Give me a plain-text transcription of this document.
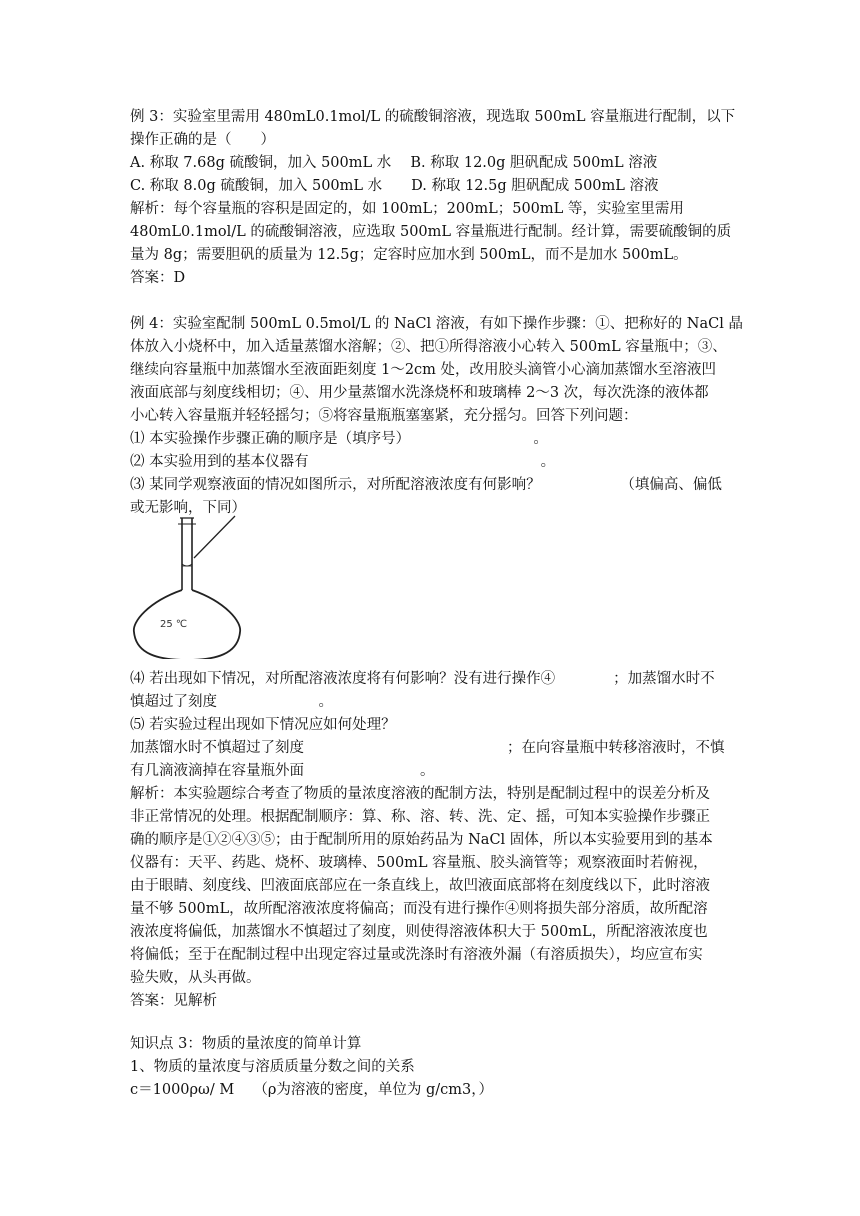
例 3：实验室里需用 480mL0.1mol/L 的硫酸铜溶液，现选取 500mL 容量瓶进行配制，以下
操作正确的是（　　）
A. 称取 7.68g 硫酸铜，加入 500mL 水　 B. 称取 12.0g 胆矾配成 500mL 溶液
C. 称取 8.0g 硫酸铜，加入 500mL 水　　D. 称取 12.5g 胆矾配成 500mL 溶液
解析：每个容量瓶的容积是固定的，如 100mL；200mL；500mL 等，实验室里需用
480mL0.1mol/L 的硫酸铜溶液，应选取 500mL 容量瓶进行配制。经计算，需要硫酸铜的质
量为 8g；需要胆矾的质量为 12.5g；定容时应加水到 500mL，而不是加水 500mL。
答案：D
例 4：实验室配制 500mL 0.5mol/L 的 NaCl 溶液，有如下操作步骤：①、把称好的 NaCl 晶
体放入小烧杯中，加入适量蒸馏水溶解；②、把①所得溶液小心转入 500mL 容量瓶中；③、
继续向容量瓶中加蒸馏水至液面距刻度 1～2cm 处，改用胶头滴管小心滴加蒸馏水至溶液凹
液面底部与刻度线相切；④、用少量蒸馏水洗涤烧杯和玻璃棒 2～3 次，每次洗涤的液体都
小心转入容量瓶并轻轻摇匀；⑤将容量瓶瓶塞塞紧，充分摇匀。回答下列问题：
⑴ 本实验操作步骤正确的顺序是（填序号）　　　　　　　　　。
⑵ 本实验用到的基本仪器有　　　　　　　　　　　　　　　　。
⑶ 某同学观察液面的情况如图所示，对所配溶液浓度有何影响？　　　　　　（填偏高、偏低
或无影响，下同）
25 ℃
⑷ 若出现如下情况，对所配溶液浓度将有何影响？没有进行操作④　　　　；加蒸馏水时不
慎超过了刻度　　　　　　　。
⑸ 若实验过程出现如下情况应如何处理？
加蒸馏水时不慎超过了刻度　　　　　　　　　　　　　　；在向容量瓶中转移溶液时，不慎
有几滴液滴掉在容量瓶外面　　　　　　　　。
解析：本实验题综合考查了物质的量浓度溶液的配制方法，特别是配制过程中的误差分析及
非正常情况的处理。根据配制顺序：算、称、溶、转、洗、定、摇，可知本实验操作步骤正
确的顺序是①②④③⑤；由于配制所用的原始药品为 NaCl 固体，所以本实验要用到的基本
仪器有：天平、药匙、烧杯、玻璃棒、500mL 容量瓶、胶头滴管等；观察液面时若俯视，
由于眼睛、刻度线、凹液面底部应在一条直线上，故凹液面底部将在刻度线以下，此时溶液
量不够 500mL，故所配溶液浓度将偏高；而没有进行操作④则将损失部分溶质，故所配溶
液浓度将偏低，加蒸馏水不慎超过了刻度，则使得溶液体积大于 500mL，所配溶液浓度也
将偏低；至于在配制过程中出现定容过量或洗涤时有溶液外漏（有溶质损失），均应宣布实
验失败，从头再做。
答案：见解析
知识点 3：物质的量浓度的简单计算
1、物质的量浓度与溶质质量分数之间的关系
c＝1000ρω/ M　 （ρ为溶液的密度，单位为 g/cm3，）
